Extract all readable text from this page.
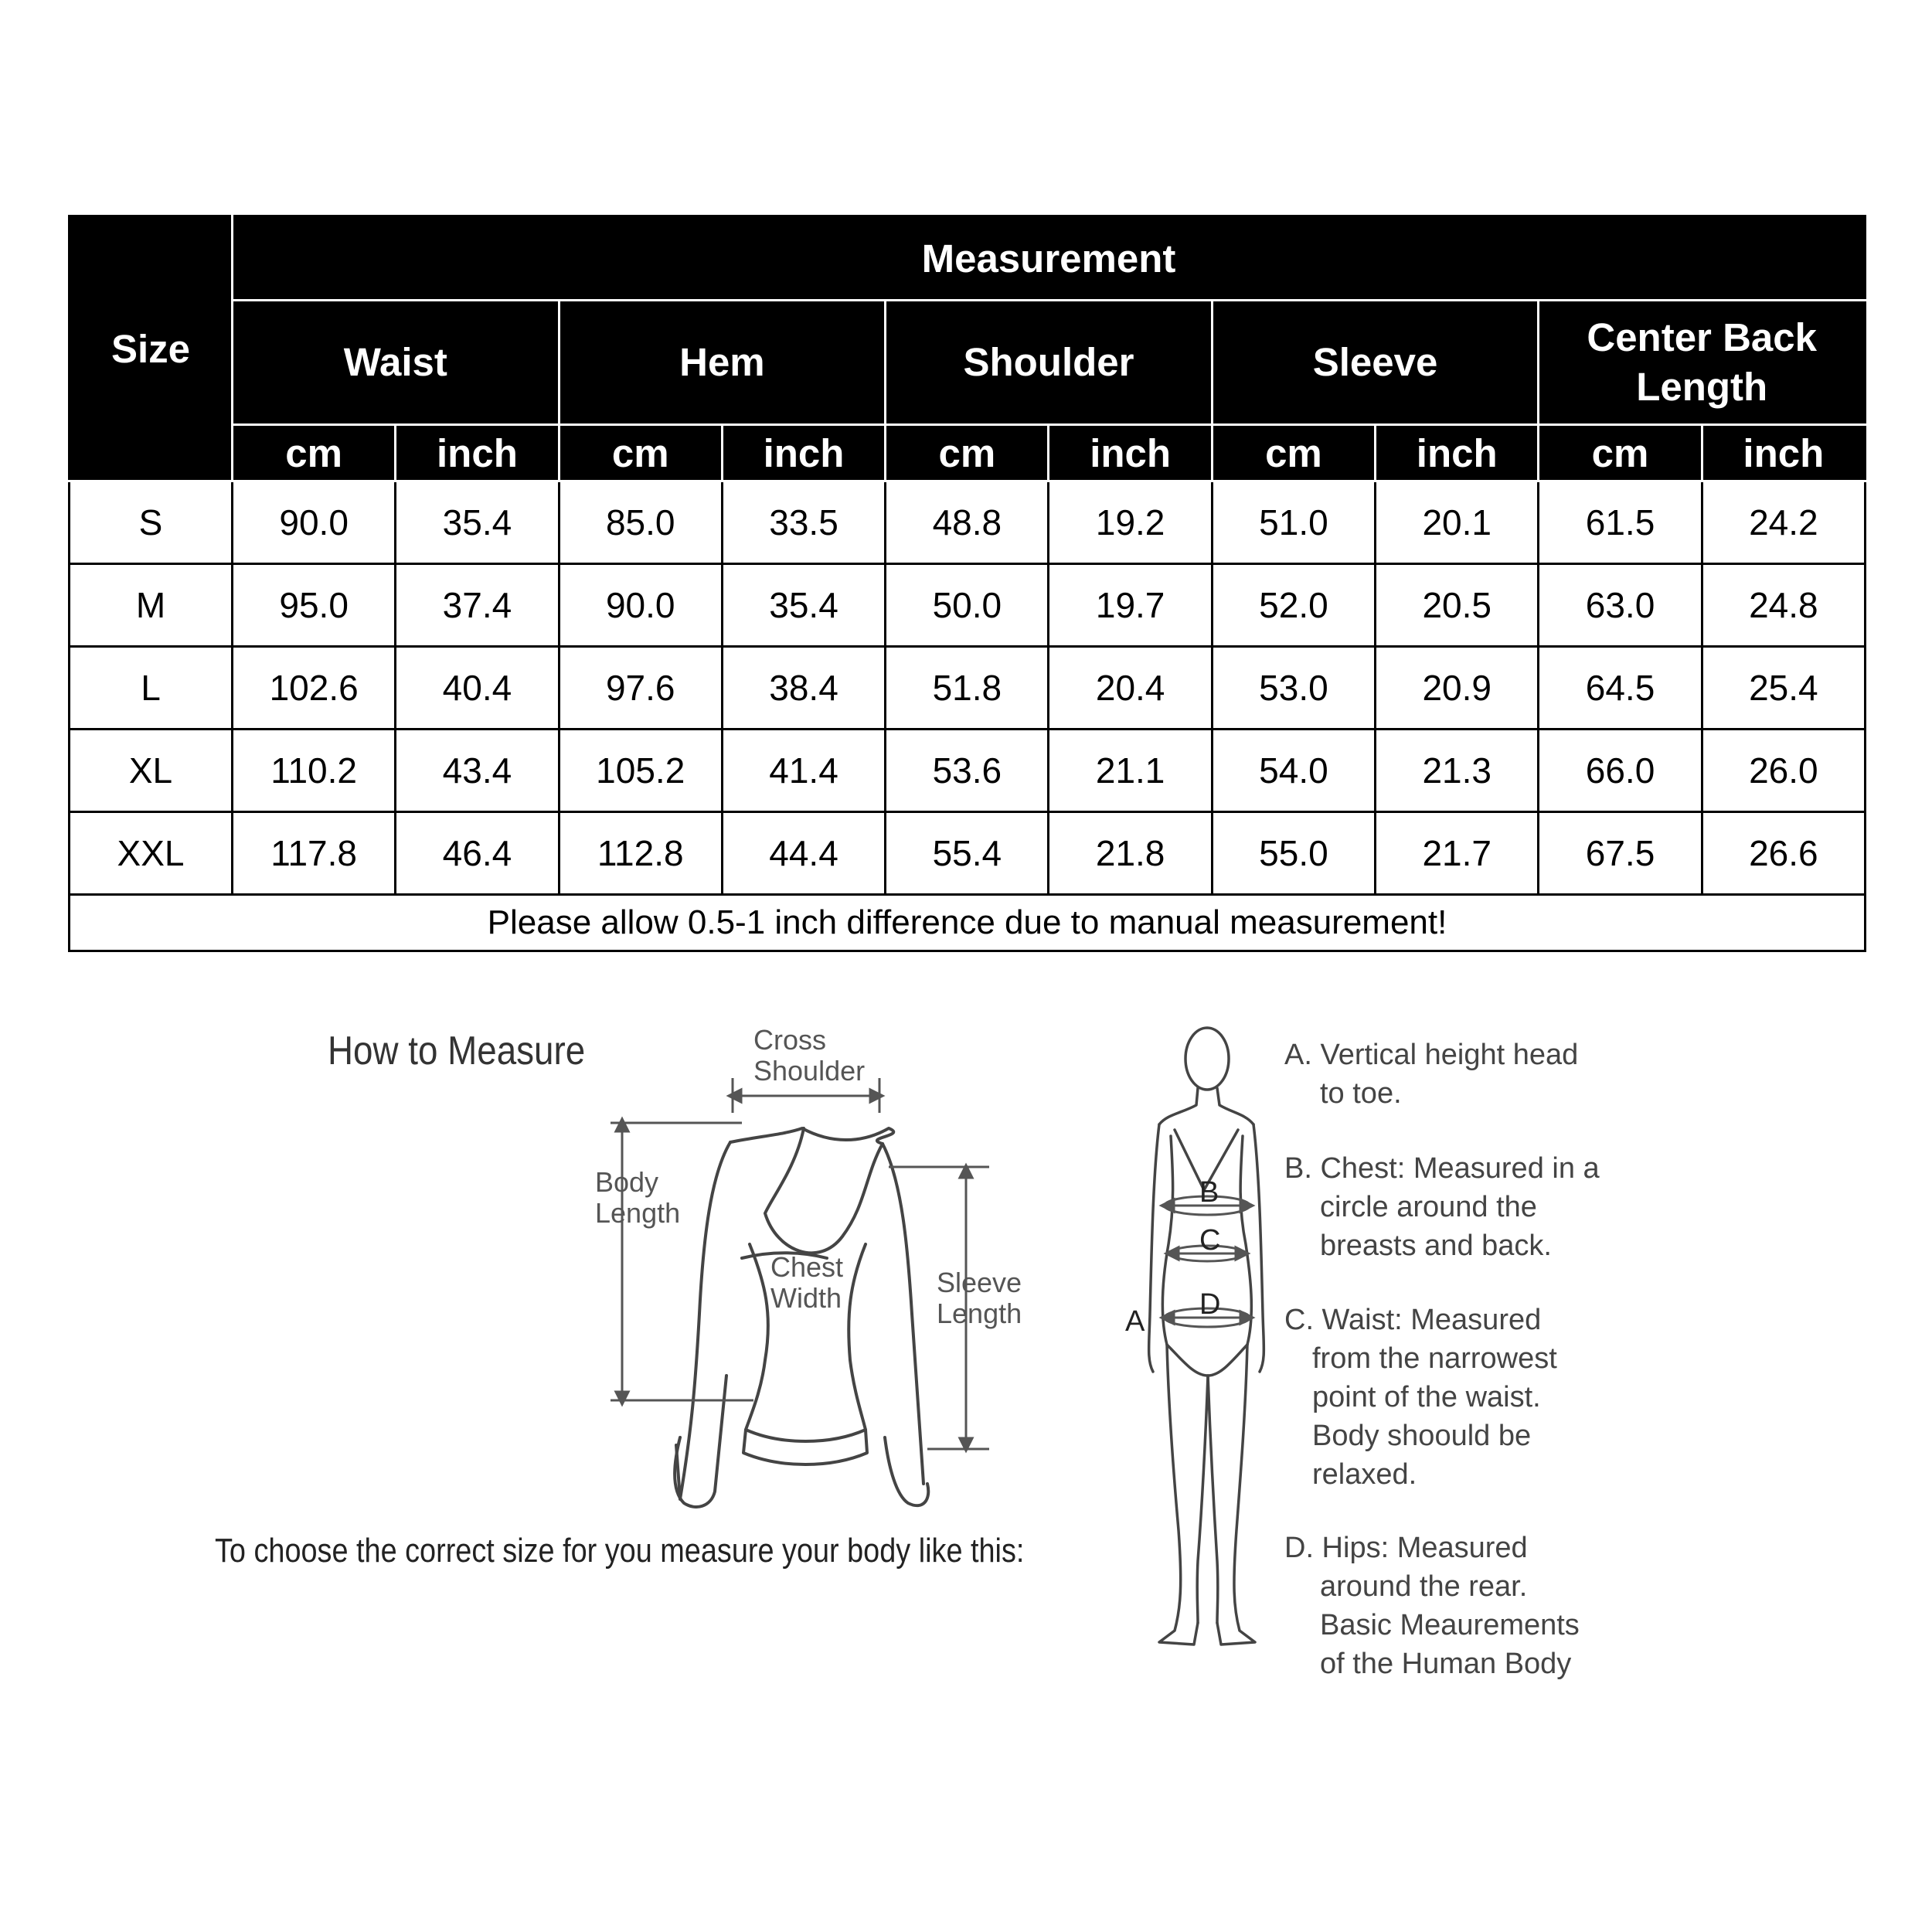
Size	Measurement									
	Waist		Hem		Shoulder		Sleeve		Center Back
Length	
	cm	inch	cm	inch	cm	inch	cm	inch	cm	inch
S	90.0	35.4	85.0	33.5	48.8	19.2	51.0	20.1	61.5	24.2
M	95.0	37.4	90.0	35.4	50.0	19.7	52.0	20.5	63.0	24.8
L	102.6	40.4	97.6	38.4	51.8	20.4	53.0	20.9	64.5	25.4
XL	110.2	43.4	105.2	41.4	53.6	21.1	54.0	21.3	66.0	26.0
XXL	117.8	46.4	112.8	44.4	55.4	21.8	55.0	21.7	67.5	26.6
Please allow 0.5-1 inch difference due to manual measurement!										
How to Measure
To choose the correct size for you measure your body like this:
Cross
Shoulder
Body
Length
Chest
Width	Sleeve
Length
B
C
D
A
A. Vertical height head
to toe.
B. Chest: Measured in a
circle around the
breasts and back.
C. Waist: Measured
from the narrowest
point of the waist.
Body shoould be
relaxed.
D. Hips: Measured
around the rear.
Basic Meaurements
of the Human Body
